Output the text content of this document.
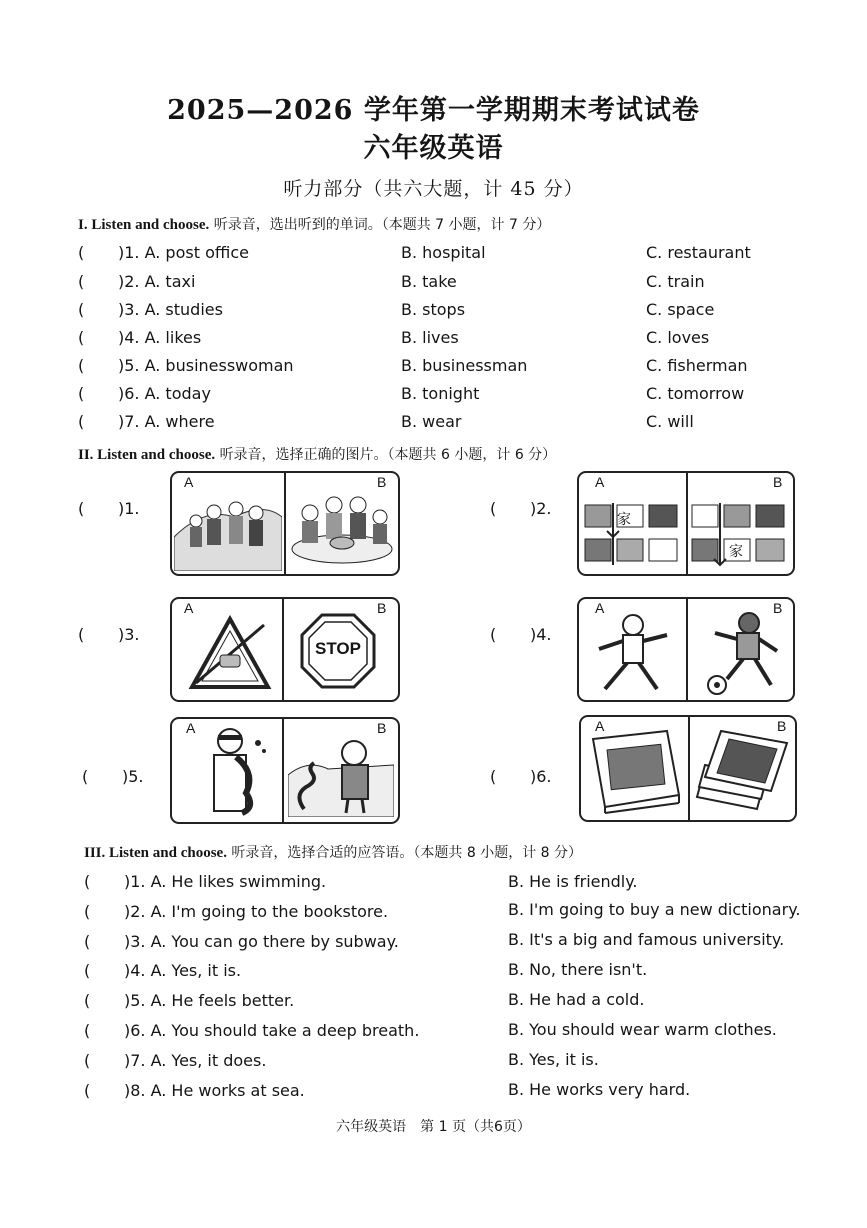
2025—2026 学年第一学期期末考试试卷
六年级英语
听力部分（共六大题，计 45 分）
I. Listen and choose. 听录音，选出听到的单词。（本题共 7 小题，计 7 分）
( )1. A. post office	B. hospital	C. restaurant
( )2. A. taxi	B. take	C. train
( )3. A. studies	B. stops	C. space
( )4. A. likes	B. lives	C. loves
( )5. A. businesswoman	B. businessman	C. fisherman
( )6. A. today	B. tonight	C. tomorrow
( )7. A. where	B. wear	C. will
II. Listen and choose. 听录音，选择正确的图片。（本题共 6 小题，计 6 分）
( )1.
A	B
( )2.
A	B
家
家
( )3.
A	B
STOP
( )4.
A	B
( )5.
A	B
( )6.
A	B
III. Listen and choose. 听录音，选择合适的应答语。（本题共 8 小题，计 8 分）
( )1. A. He likes swimming.	B. He is friendly.
( )2. A. I'm going to the bookstore.	B. I'm going to buy a new dictionary.
( )3. A. You can go there by subway.	B. It's a big and famous university.
( )4. A. Yes, it is.	B. No, there isn't.
( )5. A. He feels better.	B. He had a cold.
( )6. A. You should take a deep breath.	B. You should wear warm clothes.
( )7. A. Yes, it does.	B. Yes, it is.
( )8. A. He works at sea.	B. He works very hard.
六年级英语　第 1 页（共6页）
